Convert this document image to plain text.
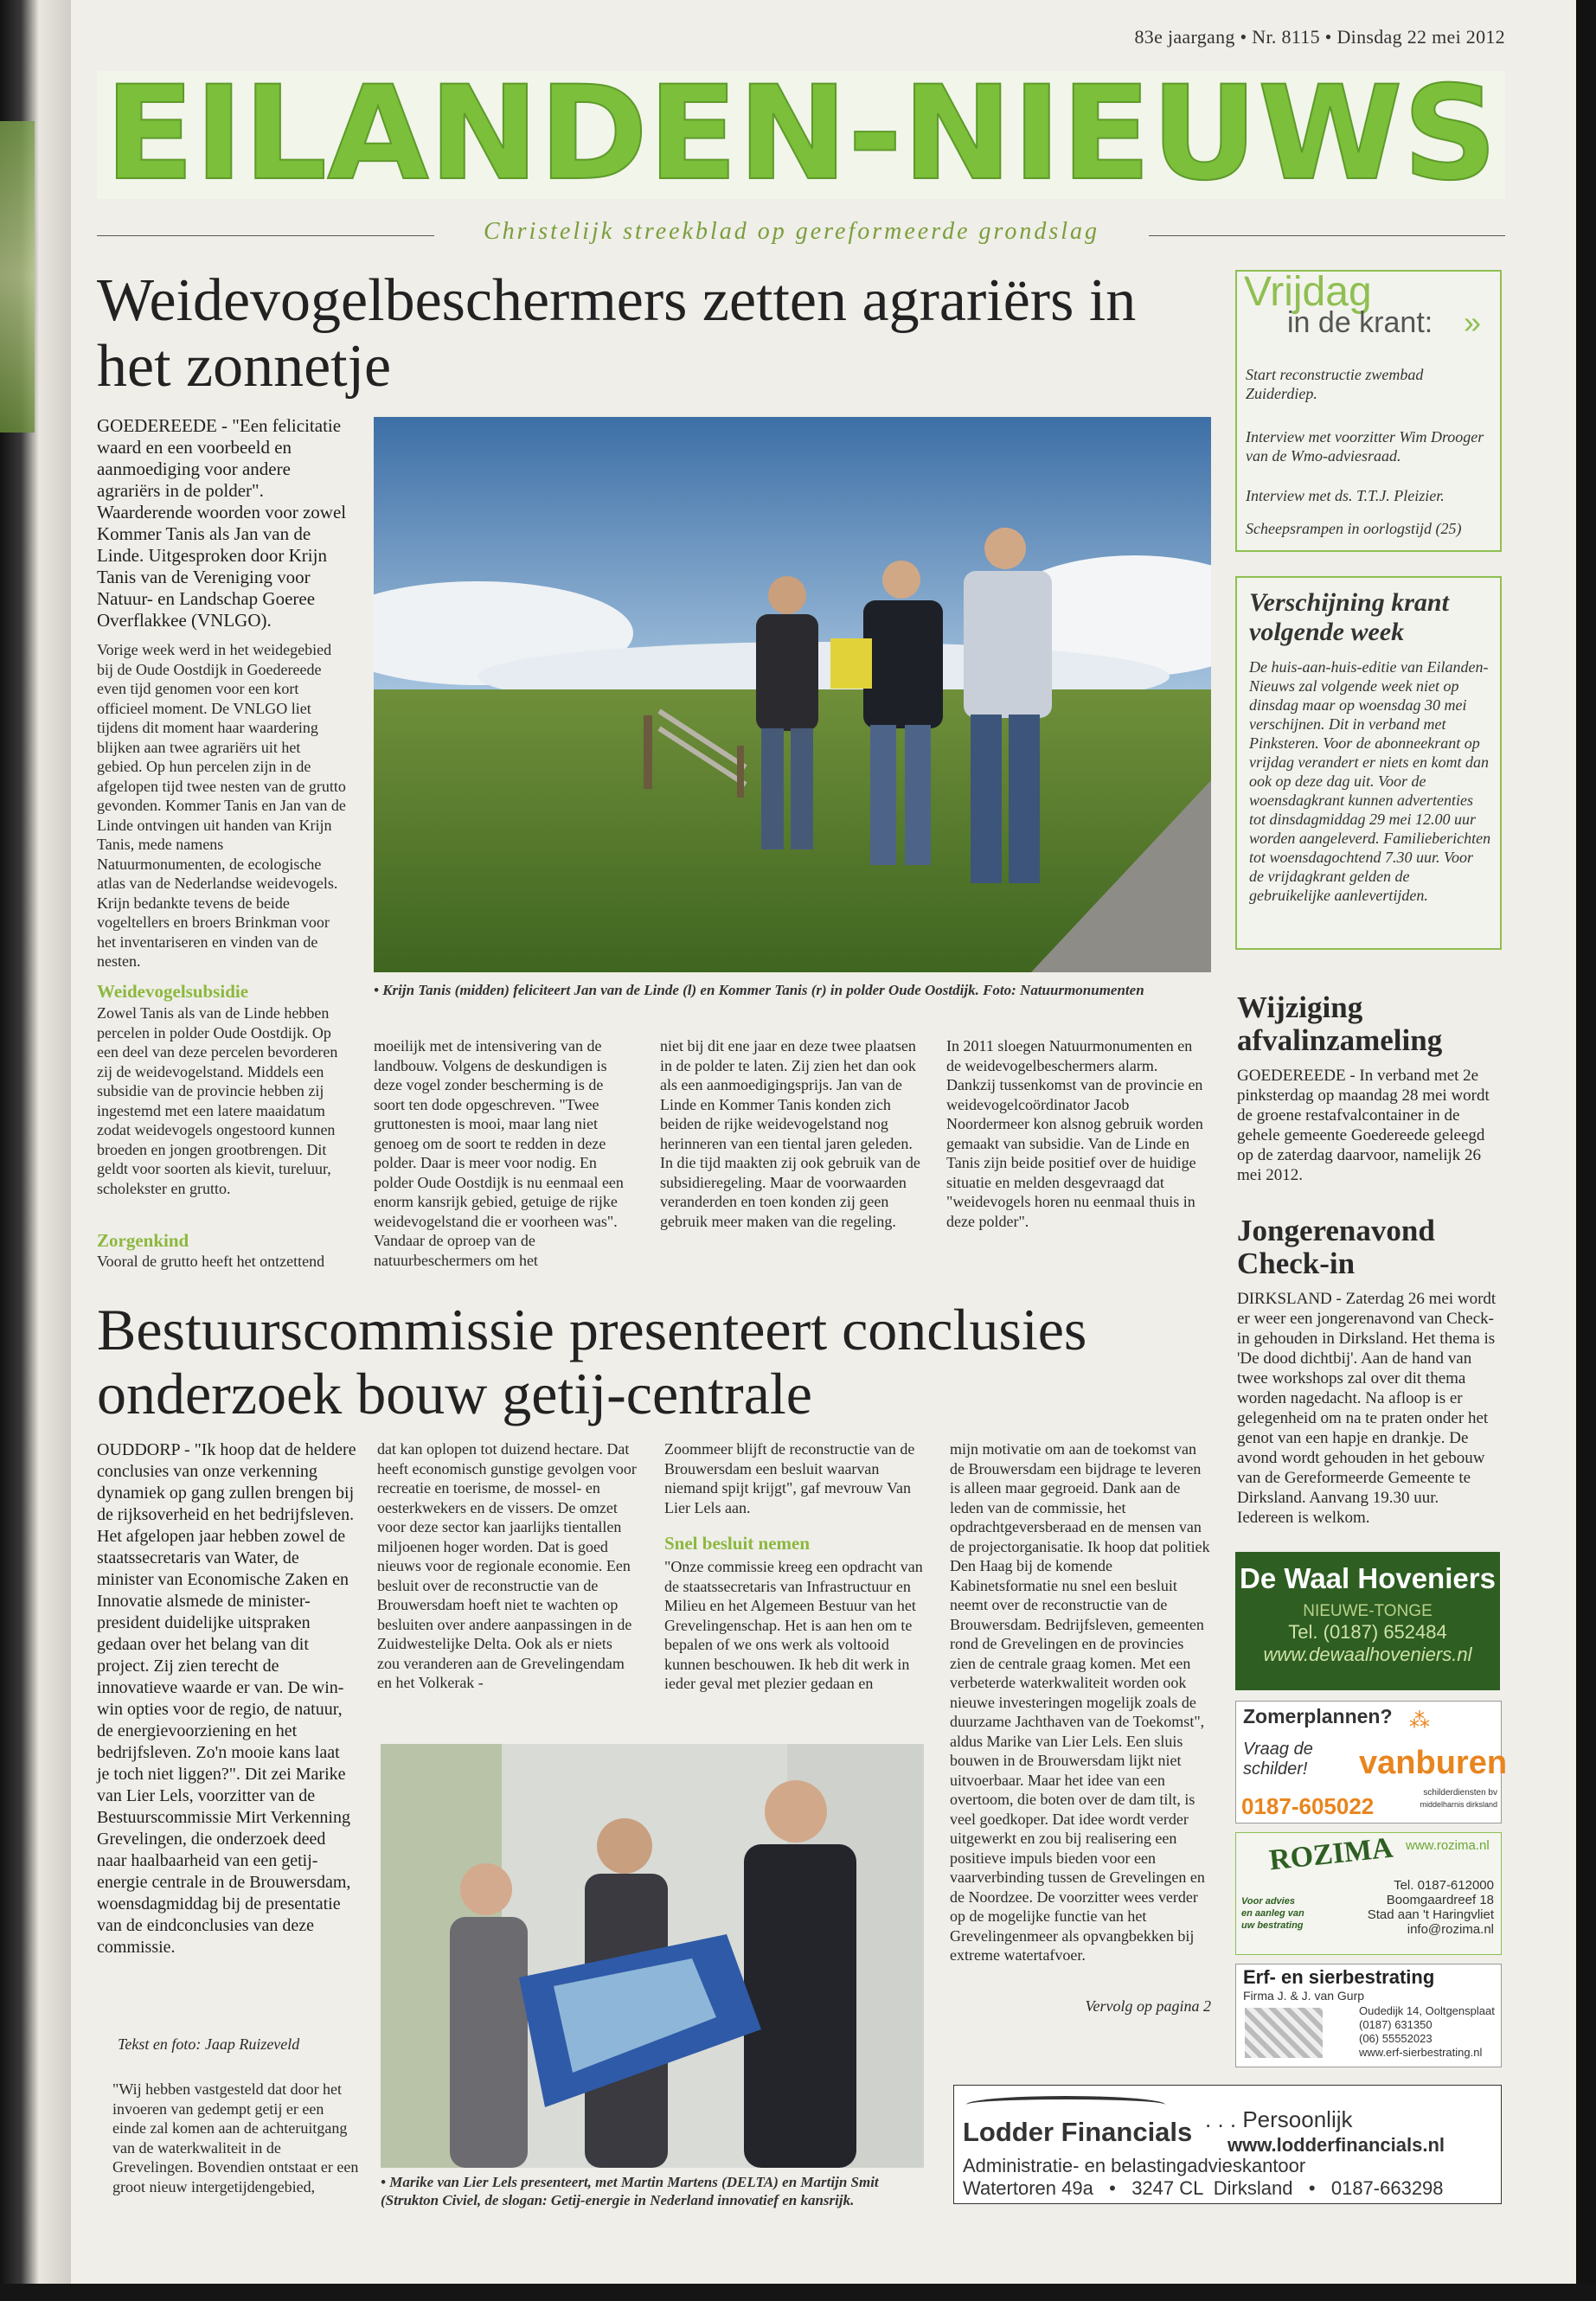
83e jaargang • Nr. 8115 • Dinsdag 22 mei 2012
EILANDEN-NIEUWS
Christelijk streekblad op gereformeerde grondslag
Weidevogelbeschermers zetten agrariërs in het zonnetje
GOEDEREEDE - "Een felicitatie waard en een voorbeeld en aanmoediging voor andere agrariërs in de polder". Waarderende woorden voor zowel Kommer Tanis als Jan van de Linde. Uitgesproken door Krijn Tanis van de Vereniging voor Natuur- en Landschap Goeree Overflakkee (VNLGO).
Vorige week werd in het weidegebied bij de Oude Oostdijk in Goedereede even tijd genomen voor een kort officieel moment. De VNLGO liet tijdens dit moment haar waardering blijken aan twee agrariërs uit het gebied. Op hun percelen zijn in de afgelopen tijd twee nesten van de grutto gevonden. Kommer Tanis en Jan van de Linde ontvingen uit handen van Krijn Tanis, mede namens Natuurmonumenten, de ecologische atlas van de Nederlandse weidevogels. Krijn bedankte tevens de beide vogeltellers en broers Brinkman voor het inventariseren en vinden van de nesten.
Weidevogelsubsidie
Zowel Tanis als van de Linde hebben percelen in polder Oude Oostdijk. Op een deel van deze percelen bevorderen zij de weidevogelstand. Middels een subsidie van de provincie hebben zij ingestemd met een latere maaidatum zodat weidevogels ongestoord kunnen broeden en jongen grootbrengen. Dit geldt voor soorten als kievit, tureluur, scholekster en grutto.
Zorgenkind
Vooral de grutto heeft het ontzettend
• Krijn Tanis (midden) feliciteert Jan van de Linde (l) en Kommer Tanis (r) in polder Oude Oostdijk. Foto: Natuurmonumenten
moeilijk met de intensivering van de landbouw. Volgens de deskundigen is deze vogel zonder bescherming is de soort ten dode opgeschreven. "Twee gruttonesten is mooi, maar lang niet genoeg om de soort te redden in deze polder. Daar is meer voor nodig. En polder Oude Oostdijk is nu eenmaal een enorm kansrijk gebied, getuige de rijke weidevogelstand die er voorheen was". Vandaar de oproep van de natuurbeschermers om het
niet bij dit ene jaar en deze twee plaatsen in de polder te laten. Zij zien het dan ook als een aanmoedigingsprijs. Jan van de Linde en Kommer Tanis konden zich beiden de rijke weidevogelstand nog herinneren van een tiental jaren geleden. In die tijd maakten zij ook gebruik van de subsidieregeling. Maar de voorwaarden veranderden en toen konden zij geen gebruik meer maken van die regeling.
In 2011 sloegen Natuurmonumenten en de weidevogelbeschermers alarm. Dankzij tussenkomst van de provincie en weidevogelcoördinator Jacob Noordermeer kon alsnog gebruik worden gemaakt van subsidie. Van de Linde en Tanis zijn beide positief over de huidige situatie en melden desgevraagd dat "weidevogels horen nu eenmaal thuis in deze polder".
Bestuurscommissie presenteert conclusies onderzoek bouw getij-centrale
OUDDORP - "Ik hoop dat de heldere conclusies van onze verkenning dynamiek op gang zullen brengen bij de rijksoverheid en het bedrijfsleven. Het afgelopen jaar hebben zowel de staatssecretaris van Water, de minister van Economische Zaken en Innovatie alsmede de minister-president duidelijke uitspraken gedaan over het belang van dit project. Zij zien terecht de innovatieve waarde er van. De win-win opties voor de regio, de natuur, de energievoorziening en het bedrijfsleven. Zo'n mooie kans laat je toch niet liggen?". Dit zei Marike van Lier Lels, voorzitter van de Bestuurscommissie Mirt Verkenning Grevelingen, die onderzoek deed naar haalbaarheid van een getij-energie centrale in de Brouwersdam, woensdagmiddag bij de presentatie van de eindconclusies van deze commissie.
Tekst en foto: Jaap Ruizeveld
"Wij hebben vastgesteld dat door het invoeren van gedempt getij er een einde zal komen aan de achteruitgang van de waterkwaliteit in de Grevelingen. Bovendien ontstaat er een groot nieuw intergetijdengebied,
dat kan oplopen tot duizend hectare. Dat heeft economisch gunstige gevolgen voor recreatie en toerisme, de mossel- en oesterkwekers en de vissers. De omzet voor deze sector kan jaarlijks tientallen miljoenen hoger worden. Dat is goed nieuws voor de regionale economie. Een besluit over de reconstructie van de Brouwersdam hoeft niet te wachten op besluiten over andere aanpassingen in de Zuidwestelijke Delta. Ook als er niets zou veranderen aan de Grevelingendam en het Volkerak -
Zoommeer blijft de reconstructie van de Brouwersdam een besluit waarvan niemand spijt krijgt", gaf mevrouw Van Lier Lels aan.
Snel besluit nemen
"Onze commissie kreeg een opdracht van de staatssecretaris van Infrastructuur en Milieu en het Algemeen Bestuur van het Grevelingenschap. Het is aan hen om te bepalen of we ons werk als voltooid kunnen beschouwen. Ik heb dit werk in ieder geval met plezier gedaan en
mijn motivatie om aan de toekomst van de Brouwersdam een bijdrage te leveren is alleen maar gegroeid. Dank aan de leden van de commissie, het opdrachtgeversberaad en de mensen van de projectorganisatie. Ik hoop dat politiek Den Haag bij de komende Kabinetsformatie nu snel een besluit neemt over de reconstructie van de Brouwersdam. Bedrijfsleven, gemeenten rond de Grevelingen en de provincies zien de centrale graag komen. Met een verbeterde waterkwaliteit worden ook nieuwe investeringen mogelijk zoals de duurzame Jachthaven van de Toekomst", aldus Marike van Lier Lels. Een sluis bouwen in de Brouwersdam lijkt niet uitvoerbaar. Maar het idee van een overtoom, die boten over de dam tilt, is veel goedkoper. Dat idee wordt verder uitgewerkt en zou bij realisering een positieve impuls bieden voor een vaarverbinding tussen de Grevelingen en de Noordzee. De voorzitter wees verder op de mogelijke functie van het Grevelingenmeer als opvangbekken bij extreme watertafvoer.
Vervolg op pagina 2
• Marike van Lier Lels presenteert, met Martin Martens (DELTA) en Martijn Smit (Strukton Civiel, de slogan: Getij-energie in Nederland innovatief en kansrijk.
Vrijdag
in de krant: »
Start reconstructie zwembad Zuiderdiep.
Interview met voorzitter Wim Drooger van de Wmo-adviesraad.
Interview met ds. T.T.J. Pleizier.
Scheepsrampen in oorlogstijd (25)
Verschijning krant volgende week
De huis-aan-huis-editie van Eilanden-Nieuws zal volgende week niet op dinsdag maar op woensdag 30 mei verschijnen. Dit in verband met Pinksteren. Voor de abonneekrant op vrijdag verandert er niets en komt dan ook op deze dag uit. Voor de woensdagkrant kunnen advertenties tot dinsdagmiddag 29 mei 12.00 uur worden aangeleverd. Familieberichten tot woensdagochtend 7.30 uur. Voor de vrijdagkrant gelden de gebruikelijke aanlevertijden.
Wijziging afvalinzameling
GOEDEREEDE - In verband met 2e pinksterdag op maandag 28 mei wordt de groene restafvalcontainer in de gehele gemeente Goedereede geleegd op de zaterdag daarvoor, namelijk 26 mei 2012.
Jongerenavond Check-in
DIRKSLAND - Zaterdag 26 mei wordt er weer een jongerenavond van Check-in gehouden in Dirksland. Het thema is 'De dood dichtbij'. Aan de hand van twee workshops zal over dit thema worden nagedacht. Na afloop is er gelegenheid om na te praten onder het genot van een hapje en drankje. De avond wordt gehouden in het gebouw van de Gereformeerde Gemeente te Dirksland. Aanvang 19.30 uur. Iedereen is welkom.
De Waal Hoveniers
NIEUWE-TONGE
Tel. (0187) 652484
www.dewaalhoveniers.nl
Zomerplannen? ⁂
Vraag de schilder!	vanburen
0187-605022
schilderdiensten bv
middelharnis dirksland
ROZIMA www.rozima.nl
Voor advies en aanleg van uw bestrating
Tel. 0187-612000
Boomgaardreef 18
Stad aan 't Haringvliet
info@rozima.nl
Erf- en sierbestrating
Firma J. & J. van Gurp
Oudedijk 14, Ooltgensplaat
(0187) 631350
(06) 55552023
www.erf-sierbestrating.nl
Lodder Financials . . . Persoonlijk
www.lodderfinancials.nl
Administratie- en belastingadvieskantoor
Watertoren 49a   •   3247 CL  Dirksland   •   0187-663298
